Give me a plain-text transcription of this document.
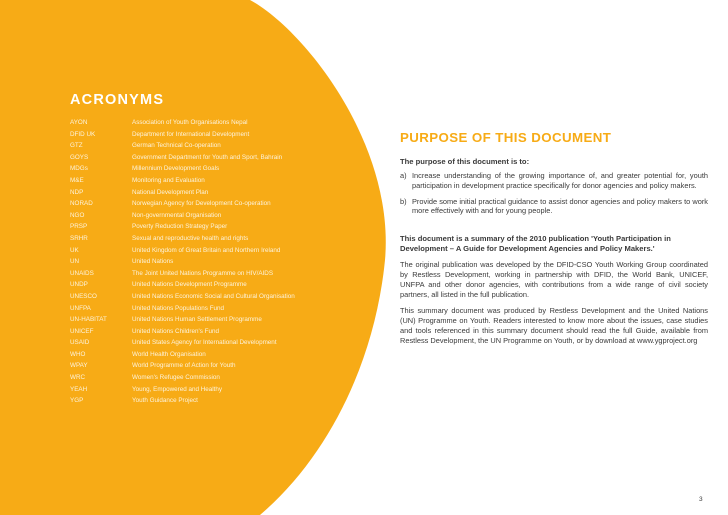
ACRONYMS
AYON	Association of Youth Organisations Nepal
DFID UK	Department for International Development
GTZ	German Technical Co-operation
GOYS	Government Department for Youth and Sport, Bahrain
MDGs	Millennium Development Goals
M&E	Monitoring and Evaluation
NDP	National Development Plan
NORAD	Norwegian Agency for Development Co-operation
NGO	Non-governmental Organisation
PRSP	Poverty Reduction Strategy Paper
SRHR	Sexual and reproductive health and rights
UK	United Kingdom of Great Britain and Northern Ireland
UN	United Nations
UNAIDS	The Joint United Nations Programme on HIV/AIDS
UNDP	United Nations Development Programme
UNESCO	United Nations Economic Social and Cultural Organisation
UNFPA	United Nations Populations Fund
UN-HABITAT	United Nations Human Settlement Programme
UNICEF	United Nations Children's Fund
USAID	United States Agency for International Development
WHO	World Health Organisation
WPAY	World Programme of Action for Youth
WRC	Women's Refugee Commission
YEAH	Young, Empowered and Healthy
YGP	Youth Guidance Project
PURPOSE OF THIS DOCUMENT
The purpose of this document is to:
a) Increase understanding of the growing importance of, and greater potential for, youth participation in development practice specifically for donor agencies and policy makers.
b) Provide some initial practical guidance to assist donor agencies and policy makers to work more effectively with and for young people.
This document is a summary of the 2010 publication 'Youth Participation in Development – A Guide for Development Agencies and Policy Makers.'
The original publication was developed by the DFID-CSO Youth Working Group coordinated by Restless Development, working in partnership with DFID, the World Bank, UNICEF, UNFPA and other donor agencies, with contributions from a wide range of civil society partners, all listed in the full publication.
This summary document was produced by Restless Development and the United Nations (UN) Programme on Youth. Readers interested to know more about the issues, case studies and tools referenced in this summary document should read the full Guide, available from Restless Development, the UN Programme on Youth, or by download at www.ygproject.org
3
